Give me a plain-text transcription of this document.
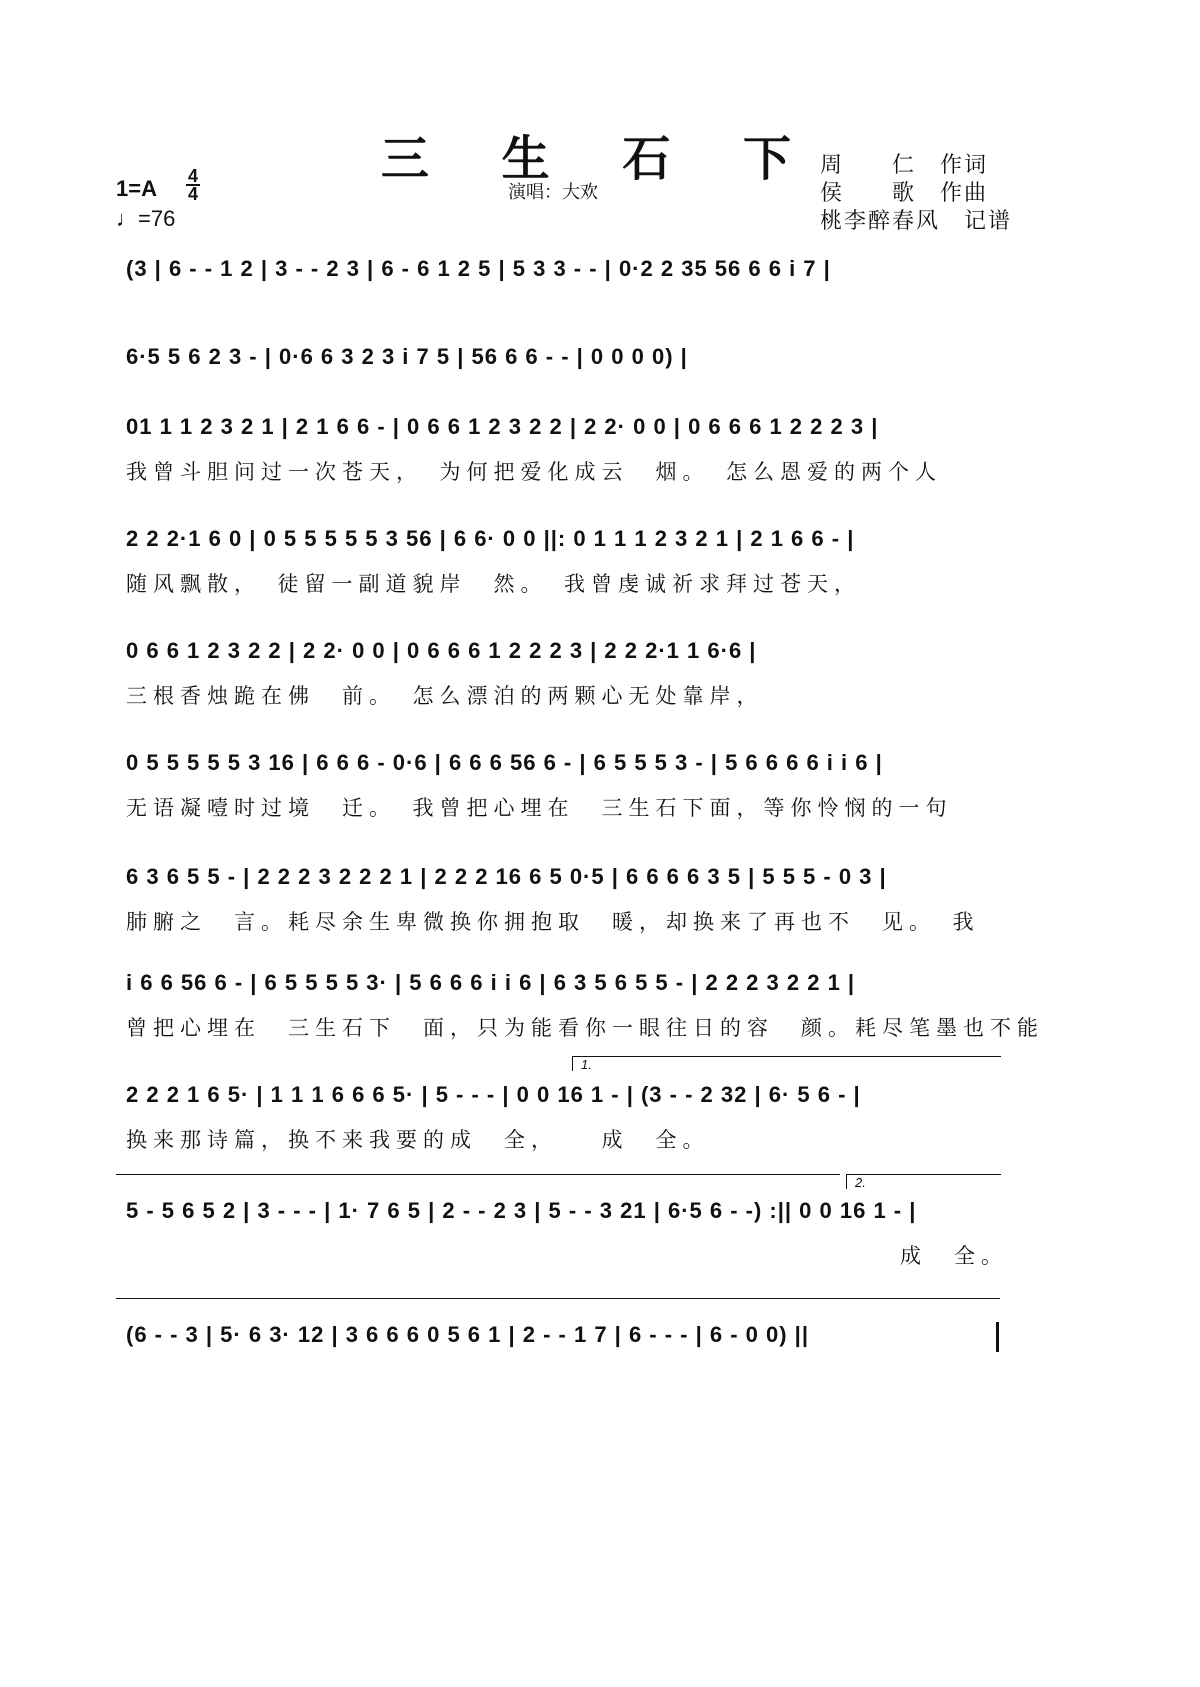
三 生 石 下 周　　仁　作词
侯　　歌　作曲
桃李醉春风　记谱
演唱：大欢
1=A 4
4
♩=76
(3 | 6 - - 1 2 | 3 - - 2 3 | 6 - 6 1 2 5 | 5 3 3 - - | 0·2 2 35 56 6 6 i 7 |
6·5 5 6 2 3 - | 0·6 6 3 2 3 i 7 5 | 56 6 6 - - | 0 0 0 0) |
01 1 1 2 3 2 1 | 2 1 6 6 - | 0 6 6 1 2 3 2 2 | 2 2· 0 0 | 0 6 6 6 1 2 2 2 3 |
我曾斗胆问过一次苍天，　为何把爱化成云　烟。　怎么恩爱的两个人
2 2 2·1 6 0 | 0 5 5 5 5 5 3 56 | 6 6· 0 0 ||: 0 1 1 1 2 3 2 1 | 2 1 6 6 - |
随风飘散，　徒留一副道貌岸　然。　我曾虔诚祈求拜过苍天，
0 6 6 1 2 3 2 2 | 2 2· 0 0 | 0 6 6 6 1 2 2 2 3 | 2 2 2·1 1 6·6 |
三根香烛跪在佛　前。　怎么漂泊的两颗心无处靠岸，
0 5 5 5 5 5 3 16 | 6 6 6 - 0·6 | 6 6 6 56 6 - | 6 5 5 5 3 - | 5 6 6 6 6 i i 6 |
无语凝噎时过境　迁。　我曾把心埋在　三生石下面，等你怜悯的一句
6 3 6 5 5 - | 2 2 2 3 2 2 2 1 | 2 2 2 16 6 5 0·5 | 6 6 6 6 3 5 | 5 5 5 - 0 3 |
肺腑之　言。耗尽余生卑微换你拥抱取　暖，却换来了再也不　见。　我
i 6 6 56 6 - | 6 5 5 5 5 3· | 5 6 6 6 i i 6 | 6 3 5 6 5 5 - | 2 2 2 3 2 2 1 |
曾把心埋在　三生石下　面，只为能看你一眼往日的容　颜。耗尽笔墨也不能
1.
2 2 2 1 6 5· | 1 1 1 6 6 6 5· | 5 - - - | 0 0 16 1 - | (3 - - 2 32 | 6· 5 6 - |
换来那诗篇，换不来我要的成　全，　　成　全。
2.
5 - 5 6 5 2 | 3 - - - | 1· 7 6 5 | 2 - - 2 3 | 5 - - 3 21 | 6·5 6 - -) :|| 0 0 16 1 - |
成　全。
(6 - - 3 | 5· 6 3· 12 | 3 6 6 6 0 5 6 1 | 2 - - 1 7 | 6 - - - | 6 - 0 0) ||
